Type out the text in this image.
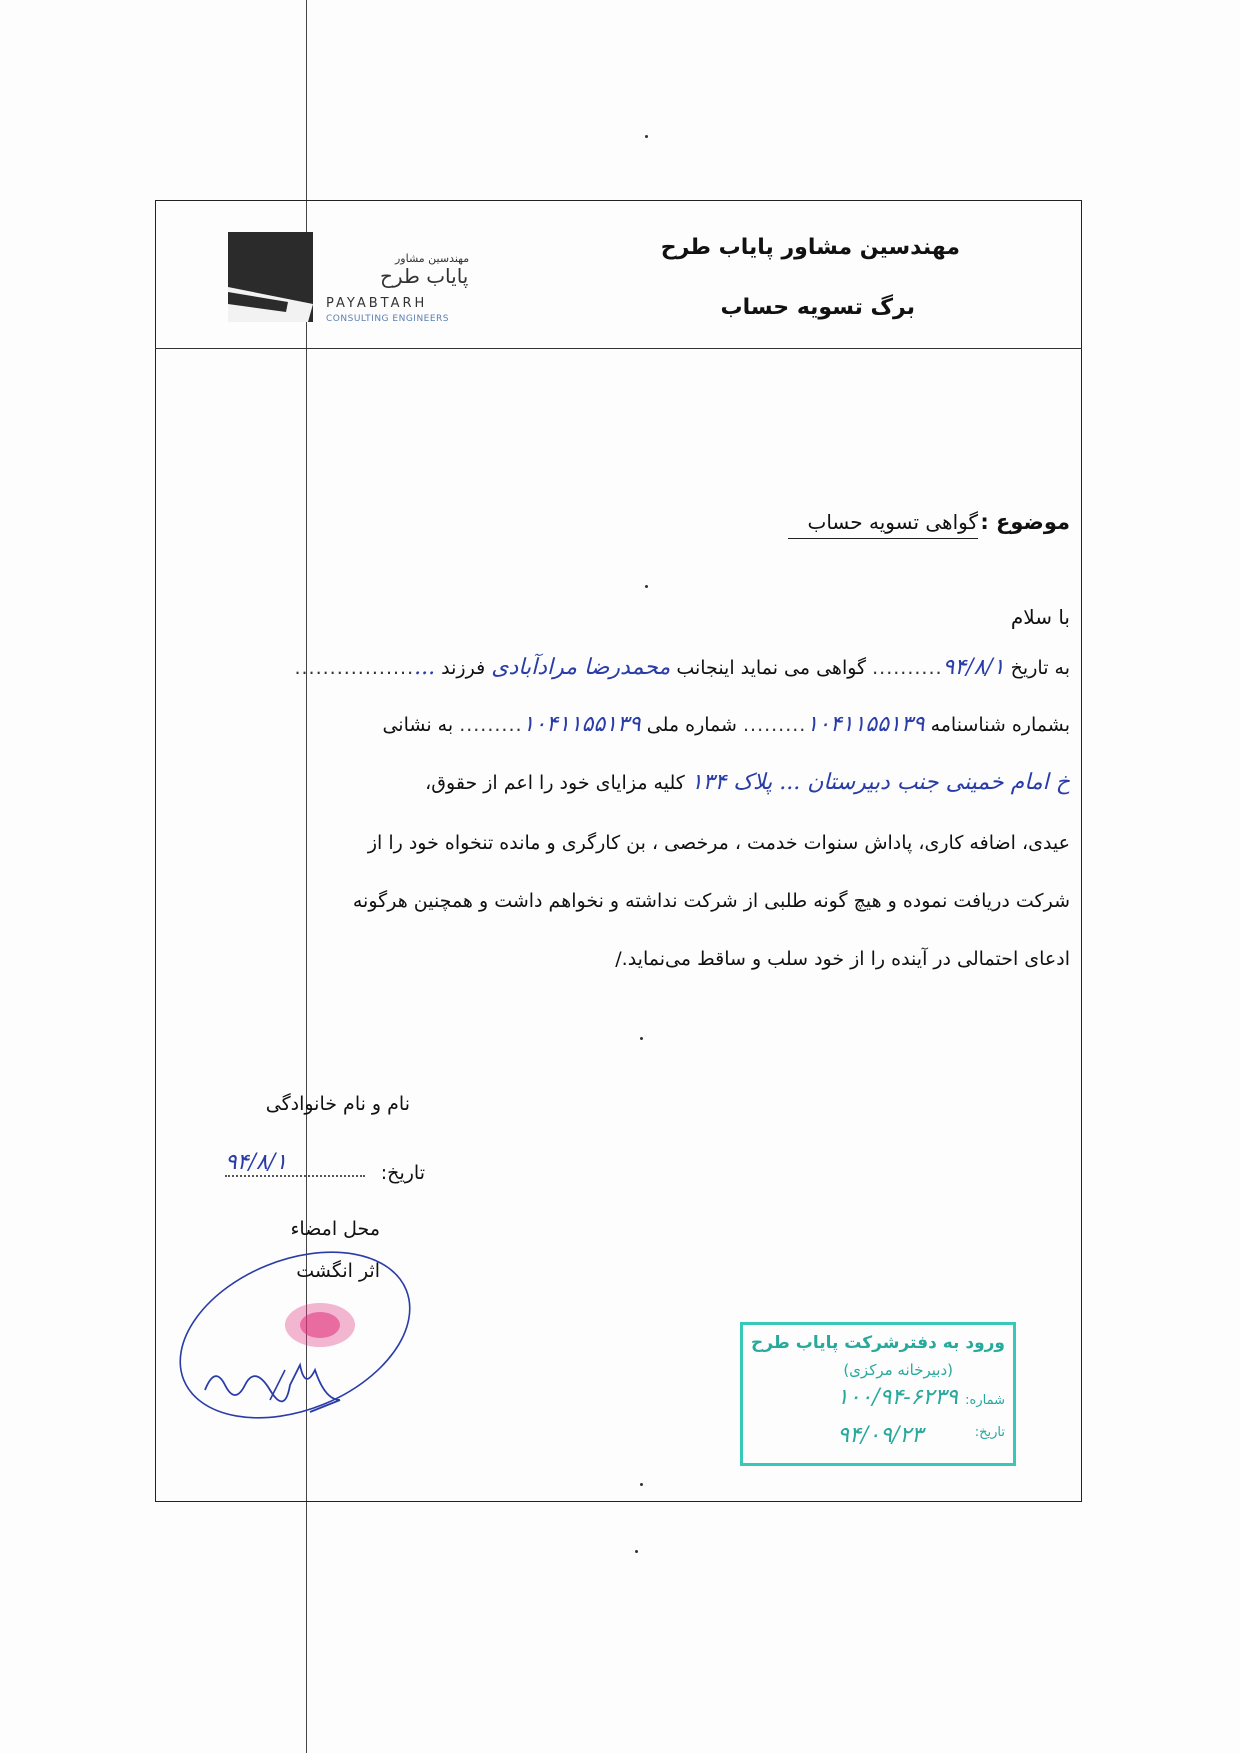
مهندسین مشاور پایاب طرح
برگ تسویه حساب
مهندسین مشاور
پایاب طرح
PAYABTARH
CONSULTING ENGINEERS
موضوع :
گواهی تسویه حساب
با سلام
به تاریخ ۹۴/۸/۱.......... گواهی می نماید اینجانب محمدرضا مرادآبادی فرزند ....................
بشماره شناسنامه ۱۰۴۱۱۵۵۱۳۹......... شماره ملی ۱۰۴۱۱۵۵۱۳۹......... به نشانی
خ امام خمینی جنب دبیرستان ... پلاک ۱۳۴ کلیه مزایای خود را اعم از حقوق،
عیدی، اضافه کاری، پاداش سنوات خدمت ، مرخصی ، بن کارگری و مانده تنخواه خود را از
شرکت دریافت نموده و هیچ گونه طلبی از شرکت نداشته و نخواهم داشت و همچنین هرگونه
ادعای احتمالی در آینده را از خود سلب و ساقط می‌نماید./
نام و نام خانوادگی
تاریخ:
۹۴/۸/۱
محل امضاء
اثر انگشت
ورود به دفترشرکت پایاب طرح
(دبیرخانه مرکزی)
شماره:
۱۰۰/۹۴-۶۲۳۹
تاریخ:
۹۴/۰۹/۲۳
